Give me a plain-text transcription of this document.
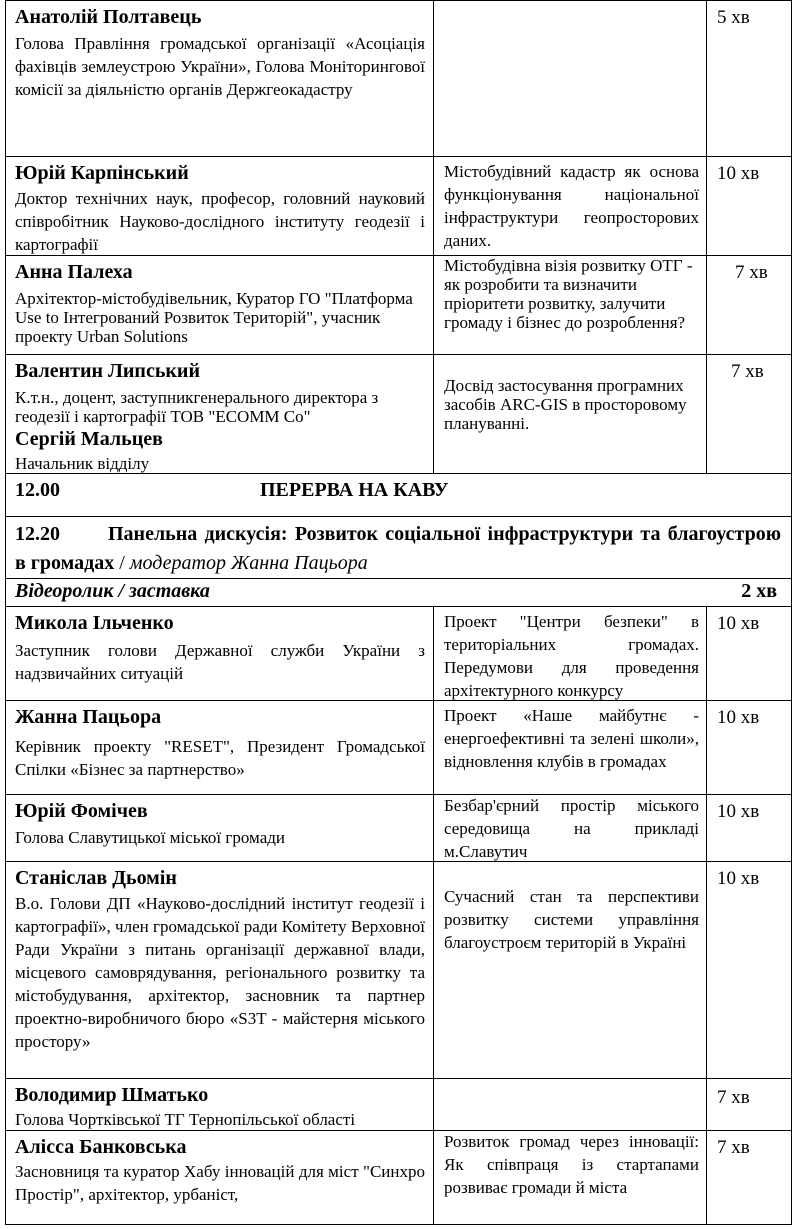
Анатолій Полтавець
Голова Правління громадської організації «Асоціація фахівців землеустрою України», Голова Моніторингової комісії за діяльністю органів Держгеокадастру
5 хв
Юрій Карпінський
Доктор технічних наук, професор, головний науковий співробітник Науково-дослідного інституту геодезії і картографії
Містобудівний кадастр як основа функціонування національної інфраструктури геопросторових даних.
10 хв
Анна Палеха
Архітектор-містобудівельник, Куратор ГО "Платформа Use to Інтегрований Розвиток Територій", учасник проекту Urban Solutions
Містобудівна візія розвитку ОТГ - як розробити та визначити пріоритети розвитку, залучити громаду і бізнес до розроблення?
7 хв
Валентин Липський
К.т.н., доцент, заступникгенерального директора з геодезії і картографії ТОВ "ECOMM Co"
Сергій Мальцев
Начальник відділу
Досвід застосування програмних засобів ARC-GIS в просторовому плануванні.
7 хв
12.00	ПЕРЕРВА НА КАВУ
12.20 Панельна дискусія: Розвиток соціальної інфраструктури та благоустрою в громадах / модератор Жанна Пацьора
Відеоролик / заставка	2 хв
Микола Ільченко
Заступник голови Державної служби України з надзвичайних ситуацій
Проект "Центри безпеки" в територіальних громадах. Передумови для проведення архітектурного конкурсу
10 хв
Жанна Пацьора
Керівник проекту "RESET", Президент Громадської Спілки «Бізнес за партнерство»
Проект «Наше майбутнє - енергоефективні та зелені школи», відновлення клубів в громадах
10 хв
Юрій Фомічев
Голова Славутицької міської громади
Безбар'єрний простір міського середовища на прикладі м.Славутич
10 хв
Станіслав Дьомін
В.о. Голови ДП «Науково-дослідний інститут геодезії і картографії», член громадської ради Комітету Верховної Ради України з питань організації державної влади, місцевого самоврядування, регіонального розвитку та містобудування, архітектор, засновник та партнер проектно-виробничого бюро «S3T - майстерня міського простору»
Сучасний стан та перспективи розвитку системи управління благоустроєм територій в Україні
10 хв
Володимир Шматько
Голова Чортківської ТГ Тернопільської області
7 хв
Алісса Банковська
Засновниця та куратор Хабу інновацій для міст "Синхро Простір", архітектор, урбаніст,
Розвиток громад через інновації: Як співпраця із стартапами розвиває громади й міста
7 хв
